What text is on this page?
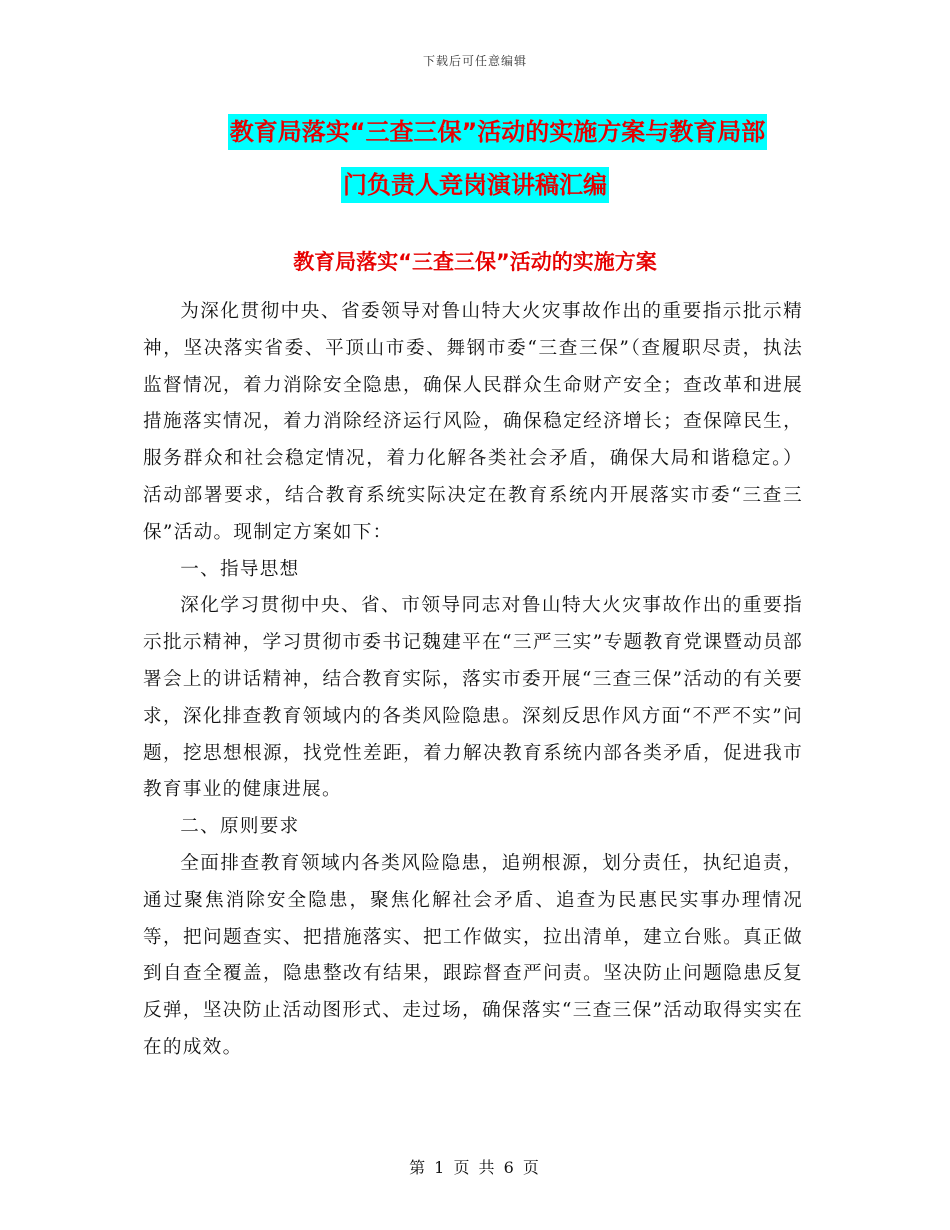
下载后可任意编辑
教育局落实“三查三保”活动的实施方案与教育局部
门负责人竞岗演讲稿汇编
教育局落实“三查三保”活动的实施方案

为深化贯彻中央、省委领导对鲁山特大火灾事故作出的重要指示批示精神，坚决落实省委、平顶山市委、舞钢市委“三查三保”（查履职尽责，执法监督情况，着力消除安全隐患，确保人民群众生命财产安全；查改革和进展措施落实情况，着力消除经济运行风险，确保稳定经济增长；查保障民生，服务群众和社会稳定情况，着力化解各类社会矛盾，确保大局和谐稳定。）活动部署要求，结合教育系统实际决定在教育系统内开展落实市委“三查三保”活动。现制定方案如下：

一、指导思想

深化学习贯彻中央、省、市领导同志对鲁山特大火灾事故作出的重要指示批示精神，学习贯彻市委书记魏建平在“三严三实”专题教育党课暨动员部署会上的讲话精神，结合教育实际，落实市委开展“三查三保”活动的有关要求，深化排查教育领域内的各类风险隐患。深刻反思作风方面“不严不实”问题，挖思想根源，找党性差距，着力解决教育系统内部各类矛盾，促进我市教育事业的健康进展。

二、原则要求

全面排查教育领域内各类风险隐患，追朔根源，划分责任，执纪追责，通过聚焦消除安全隐患，聚焦化解社会矛盾、追查为民惠民实事办理情况等，把问题查实、把措施落实、把工作做实，拉出清单，建立台账。真正做到自查全覆盖，隐患整改有结果，跟踪督查严问责。坚决防止问题隐患反复反弹，坚决防止活动图形式、走过场，确保落实“三查三保”活动取得实实在在的成效。

第 1 页 共 6 页
